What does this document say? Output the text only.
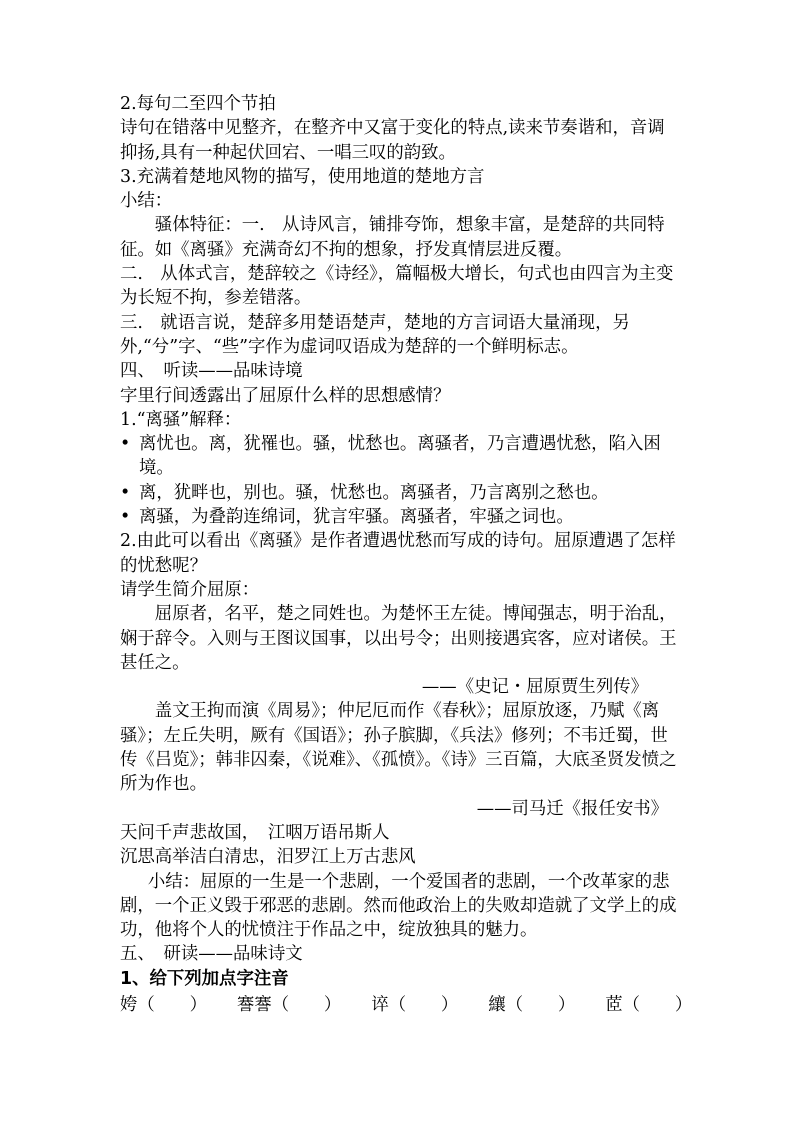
2.每句二至四个节拍

诗句在错落中见整齐，在整齐中又富于变化的特点,读来节奏谐和，音调抑扬,具有一种起伏回宕、一唱三叹的韵致。

3.充满着楚地风物的描写，使用地道的楚地方言

小结：

骚体特征：一.　从诗风言，铺排夸饰，想象丰富，是楚辞的共同特征。如《离骚》充满奇幻不拘的想象，抒发真情层进反覆。

二.　从体式言，楚辞较之《诗经》，篇幅极大增长，句式也由四言为主变为长短不拘，参差错落。

三.　就语言说，楚辞多用楚语楚声，楚地的方言词语大量涌现，另外,“兮”字、“些”字作为虚词叹语成为楚辞的一个鲜明标志。

四、　听读——品味诗境

字里行间透露出了屈原什么样的思想感情？

1.“离骚”解释：

• 离忧也。离，犹罹也。骚，忧愁也。离骚者，乃言遭遇忧愁，陷入困境。
• 离，犹畔也，别也。骚，忧愁也。离骚者，乃言离别之愁也。
• 离骚，为叠韵连绵词，犹言牢骚。离骚者，牢骚之词也。

2.由此可以看出《离骚》是作者遭遇忧愁而写成的诗句。屈原遭遇了怎样的忧愁呢？

请学生简介屈原：

屈原者，名平，楚之同姓也。为楚怀王左徒。博闻强志，明于治乱，娴于辞令。入则与王图议国事，以出号令；出则接遇宾客，应对诸侯。王甚任之。

——《史记・屈原贾生列传》

盖文王拘而演《周易》；仲尼厄而作《春秋》；屈原放逐，乃赋《离骚》；左丘失明，厥有《国语》；孙子膑脚，《兵法》修列；不韦迁蜀，世传《吕览》；韩非囚秦，《说难》、《孤愤》。《诗》三百篇，大底圣贤发愤之所为作也。

——司马迁《报任安书》

天问千声悲故国，　江咽万语吊斯人

沉思高举洁白清忠，汨罗江上万古悲风

小结：屈原的一生是一个悲剧，一个爱国者的悲剧，一个改革家的悲剧，一个正义毁于邪恶的悲剧。然而他政治上的失败却造就了文学上的成功，他将个人的忧愤注于作品之中，绽放独具的魅力。

五、　研读——品味诗文

1、给下列加点字注音

姱（　　） 謇謇（　　） 谇（　　） 纕（　　） 茝（　　）
